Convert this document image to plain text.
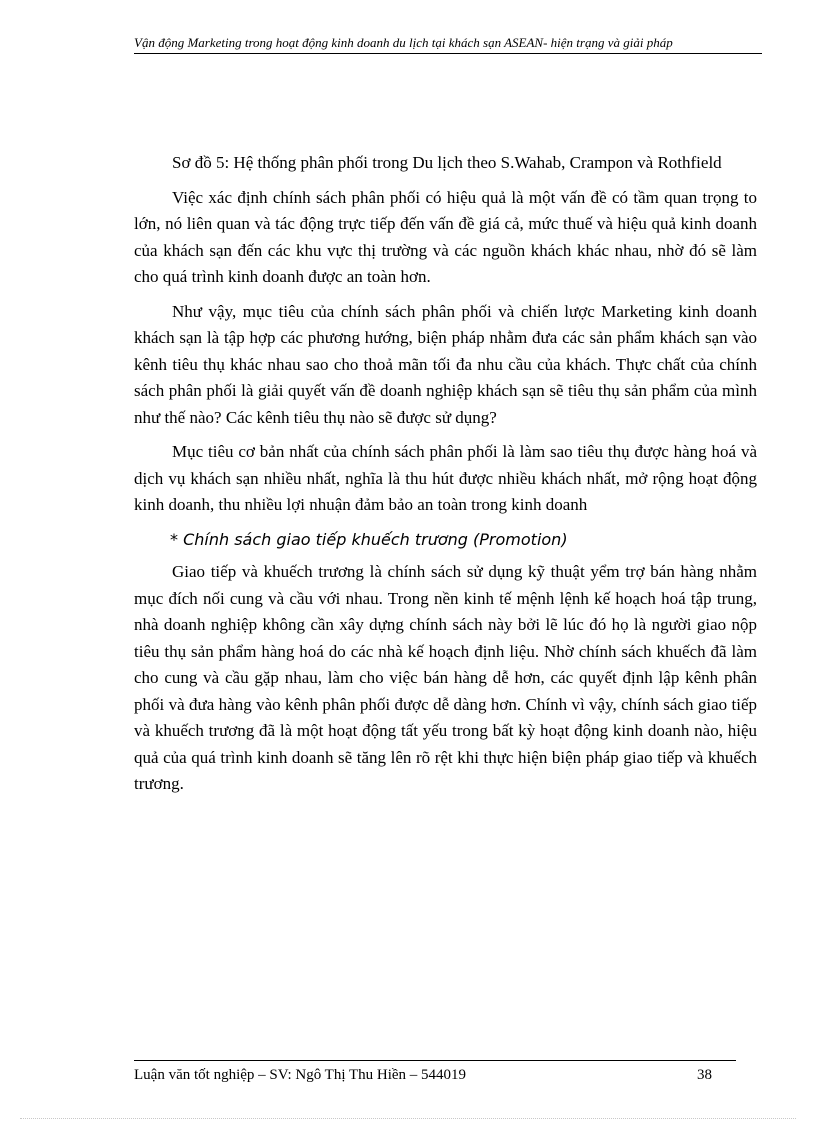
Vận động Marketing trong hoạt động kinh doanh du lịch tại khách sạn ASEAN- hiện trạng và giải pháp

Sơ đồ 5: Hệ thống phân phối trong Du lịch theo S.Wahab, Crampon và Rothfield

Việc xác định chính sách phân phối có hiệu quả là một vấn đề có tầm quan trọng to lớn, nó liên quan và tác động trực tiếp đến vấn đề giá cả, mức thuế và hiệu quả kinh doanh của khách sạn đến các khu vực thị trường và các nguồn khách khác nhau, nhờ đó sẽ làm cho quá trình kinh doanh được an toàn hơn.

Như vậy, mục tiêu của chính sách phân phối và chiến lược Marketing kinh doanh khách sạn là tập hợp các phương hướng, biện pháp nhằm đưa các sản phẩm khách sạn vào kênh tiêu thụ khác nhau sao cho thoả mãn tối đa nhu cầu của khách. Thực chất của chính sách phân phối là giải quyết vấn đề doanh nghiệp khách sạn sẽ tiêu thụ sản phẩm của mình như thế nào? Các kênh tiêu thụ nào sẽ được sử dụng?

Mục tiêu cơ bản nhất của chính sách phân phối là làm sao tiêu thụ được hàng hoá và dịch vụ khách sạn nhiều nhất, nghĩa là thu hút được nhiều khách nhất, mở rộng hoạt động kinh doanh, thu nhiều lợi nhuận đảm bảo an toàn trong kinh doanh

* Chính sách giao tiếp khuếch trương (Promotion)

Giao tiếp và khuếch trương là chính sách sử dụng kỹ thuật yểm trợ bán hàng nhằm mục đích nối cung và cầu với nhau. Trong nền kinh tế mệnh lệnh kế hoạch hoá tập trung, nhà doanh nghiệp không cần xây dựng chính sách này bởi lẽ lúc đó họ là người giao nộp tiêu thụ sản phẩm hàng hoá do các nhà kế hoạch định liệu. Nhờ chính sách khuếch đã làm cho cung và cầu gặp nhau, làm cho việc bán hàng dễ hơn, các quyết định lập kênh phân phối và đưa hàng vào kênh phân phối được dễ dàng hơn. Chính vì vậy, chính sách giao tiếp và khuếch trương đã là một hoạt động tất yếu trong bất kỳ hoạt động kinh doanh nào, hiệu quả của quá trình kinh doanh sẽ tăng lên rõ rệt khi thực hiện biện pháp giao tiếp và khuếch trương.

Luận văn tốt nghiệp – SV: Ngô Thị Thu Hiền – 544019	38
